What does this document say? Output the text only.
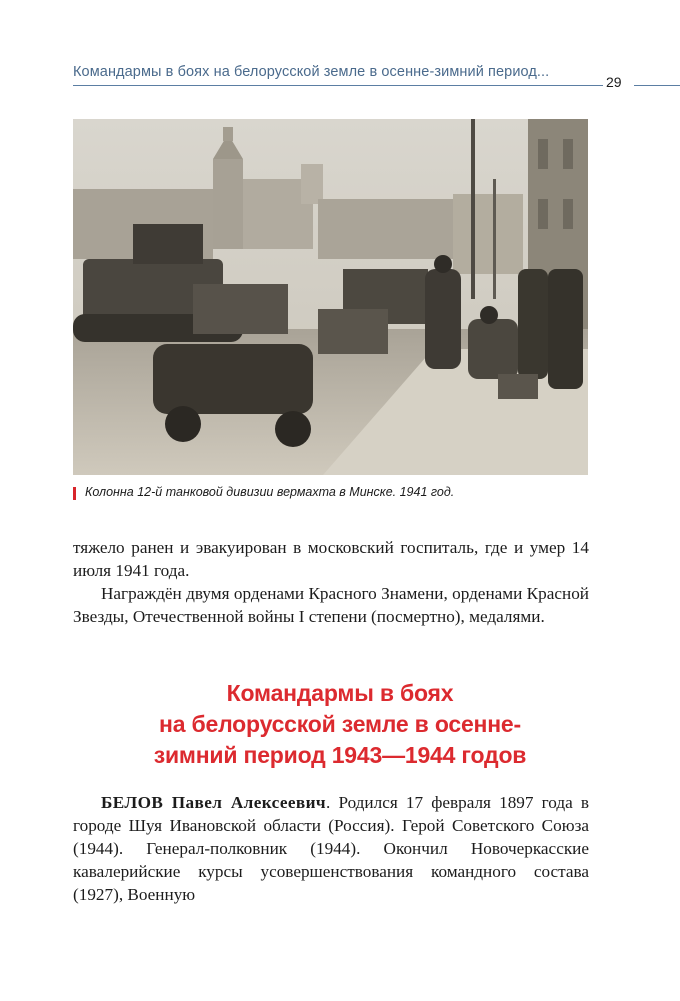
Командармы в боях на белорусской земле в осенне-зимний период...
29
Колонна 12-й танковой дивизии вермахта в Минске. 1941 год.

тяжело ранен и эвакуирован в московский госпиталь, где и умер 14 июля 1941 года.

Награждён двумя орденами Красного Знамени, орденами Красной Звезды, Отечественной войны I степени (посмертно), медалями.

Командармы в боях
на белорусской земле в осенне-
зимний период 1943—1944 годов

БЕЛОВ Павел Алексеевич. Родился 17 февраля 1897 года в городе Шуя Ивановской области (Россия). Герой Советского Союза (1944). Генерал-полковник (1944). Окончил Новочеркасские кавалерийские курсы усовершенствования командного состава (1927), Военную
